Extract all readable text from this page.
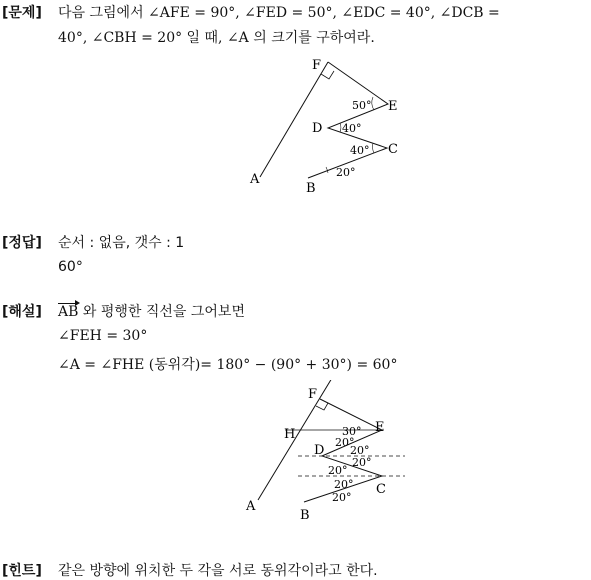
[문제] 다음 그림에서 ∠AFE = 90°, ∠FED = 50°, ∠EDC = 40°, ∠DCB =
40°, ∠CBH = 20° 일 때, ∠A 의 크기를 구하여라.
F
E
D
C
A
B
50°
40°
40°
20°
[정답] 순서 : 없음, 갯수 : 1
60°
[해설] AB 와 평행한 직선을 그어보면
∠FEH = 30°
∠A = ∠FHE (동위각)= 180° − (90° + 30°) = 60°
F
E
H
D
C
A
B
30°
20°
20°
20°
20°
20°
20°
[힌트] 같은 방향에 위치한 두 각을 서로 동위각이라고 한다.
